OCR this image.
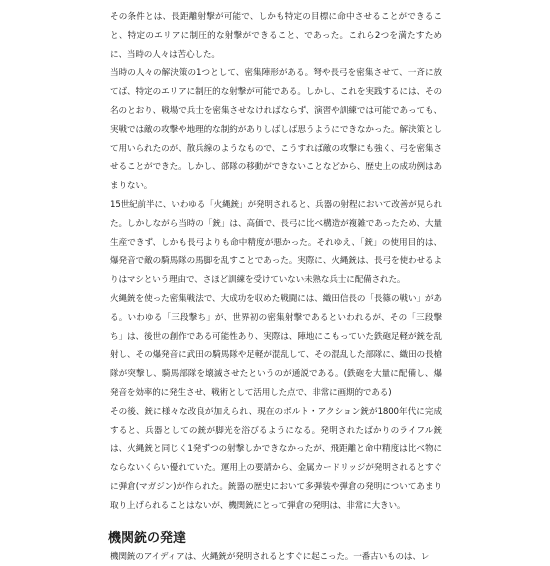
その条件とは、長距離射撃が可能で、しかも特定の目標に命中させることができること、特定のエリアに制圧的な射撃ができること、であった。これら2つを満たすために、当時の人々は苦心した。

当時の人々の解決策の1つとして、密集陣形がある。弩や長弓を密集させて、一斉に放てば、特定のエリアに制圧的な射撃が可能である。しかし、これを実践するには、その名のとおり、戦場で兵士を密集させなければならず、演習や訓練では可能であっても、実戦では敵の攻撃や地理的な制約がありしばしば思うようにできなかった。解決策として用いられたのが、散兵線のようなもので、こうすれば敵の攻撃にも強く、弓を密集させることができた。しかし、部隊の移動ができないことなどから、歴史上の成功例はあまりない。

15世紀前半に、いわゆる「火縄銃」が発明されると、兵器の射程において改善が見られた。しかしながら当時の「銃」は、高価で、長弓に比べ構造が複雑であったため、大量生産できず、しかも長弓よりも命中精度が悪かった。それゆえ、「銃」の使用目的は、爆発音で敵の騎馬隊の馬脚を乱すことであった。実際に、火縄銃は、長弓を使わせるよりはマシという理由で、さほど訓練を受けていない未熟な兵士に配備された。

火縄銃を使った密集戦法で、大成功を収めた戦闘には、織田信長の「長篠の戦い」がある。いわゆる「三段撃ち」が、世界初の密集射撃であるといわれるが、その「三段撃ち」は、後世の創作である可能性あり、実際は、陣地にこもっていた鉄砲足軽が銃を乱射し、その爆発音に武田の騎馬隊や足軽が混乱して、その混乱した部隊に、織田の長槍隊が突撃し、騎馬部隊を壊滅させたというのが通説である。(鉄砲を大量に配備し、爆発音を効率的に発生させ、戦術として活用した点で、非常に画期的である)

その後、銃に様々な改良が加えられ、現在のボルト・アクション銃が1800年代に完成すると、兵器としての銃が脚光を浴びるようになる。発明されたばかりのライフル銃は、火縄銃と同じく1発ずつの射撃しかできなかったが、飛距離と命中精度は比べ物にならないくらい優れていた。運用上の要請から、金属カードリッジが発明されるとすぐに弾倉(マガジン)が作られた。銃器の歴史において多弾装や弾倉の発明についてあまり取り上げられることはないが、機関銃にとって弾倉の発明は、非常に大きい。

機関銃の発達

機関銃のアイディアは、火縄銃が発明されるとすぐに起こった。一番古いものは、レ
